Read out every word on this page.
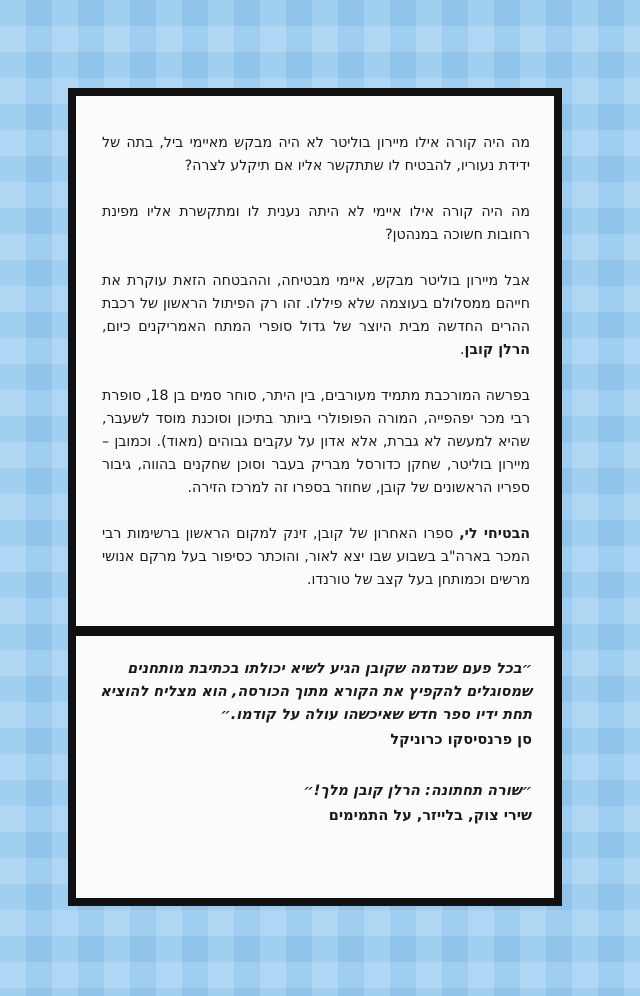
מה היה קורה אילו מיירון בוליטר לא היה מבקש מאיימי ביל, בתה של ידידת נעוריו, להבטיח לו שתתקשר אליו אם תיקלע לצרה?

מה היה קורה אילו איימי לא היתה נענית לו ומתקשרת אליו מפינת רחובות חשוכה במנהטן?

אבל מיירון בוליטר מבקש, איימי מבטיחה, וההבטחה הזאת עוקרת את חייהם ממסלולם בעוצמה שלא פיללו. זהו רק הפיתול הראשון של רכבת ההרים החדשה מבית היוצר של גדול סופרי המתח האמריקנים כיום, הרלן קובן.

בפרשה המורכבת מתמיד מעורבים, בין היתר, סוחר סמים בן 18, סופרת רבי מכר יפהפייה, המורה הפופולרי ביותר בתיכון וסוכנת מוסד לשעבר, שהיא למעשה לא גברת, אלא אדון על עקבים גבוהים (מאוד). וכמובן – מיירון בוליטר, שחקן כדורסל מבריק בעבר וסוכן שחקנים בהווה, גיבור ספריו הראשונים של קובן, שחוזר בספרו זה למרכז הזירה.

הבטיחי לי, ספרו האחרון של קובן, זינק למקום הראשון ברשימות רבי המכר בארה"ב בשבוע שבו יצא לאור, והוכתר כסיפור בעל מרקם אנושי מרשים וכמותחן בעל קצב של טורנדו.

״בכל פעם שנדמה שקובן הגיע לשיא יכולתו בכתיבת מותחנים שמסוגלים להקפיץ את הקורא מתוך הכורסה, הוא מצליח להוציא תחת ידיו ספר חדש שאיכשהו עולה על קודמו.״

סן פרנסיסקו כרוניקל

״שורה תחתונה: הרלן קובן מלך!״

שירי צוק, בלייזר, על התמימים
